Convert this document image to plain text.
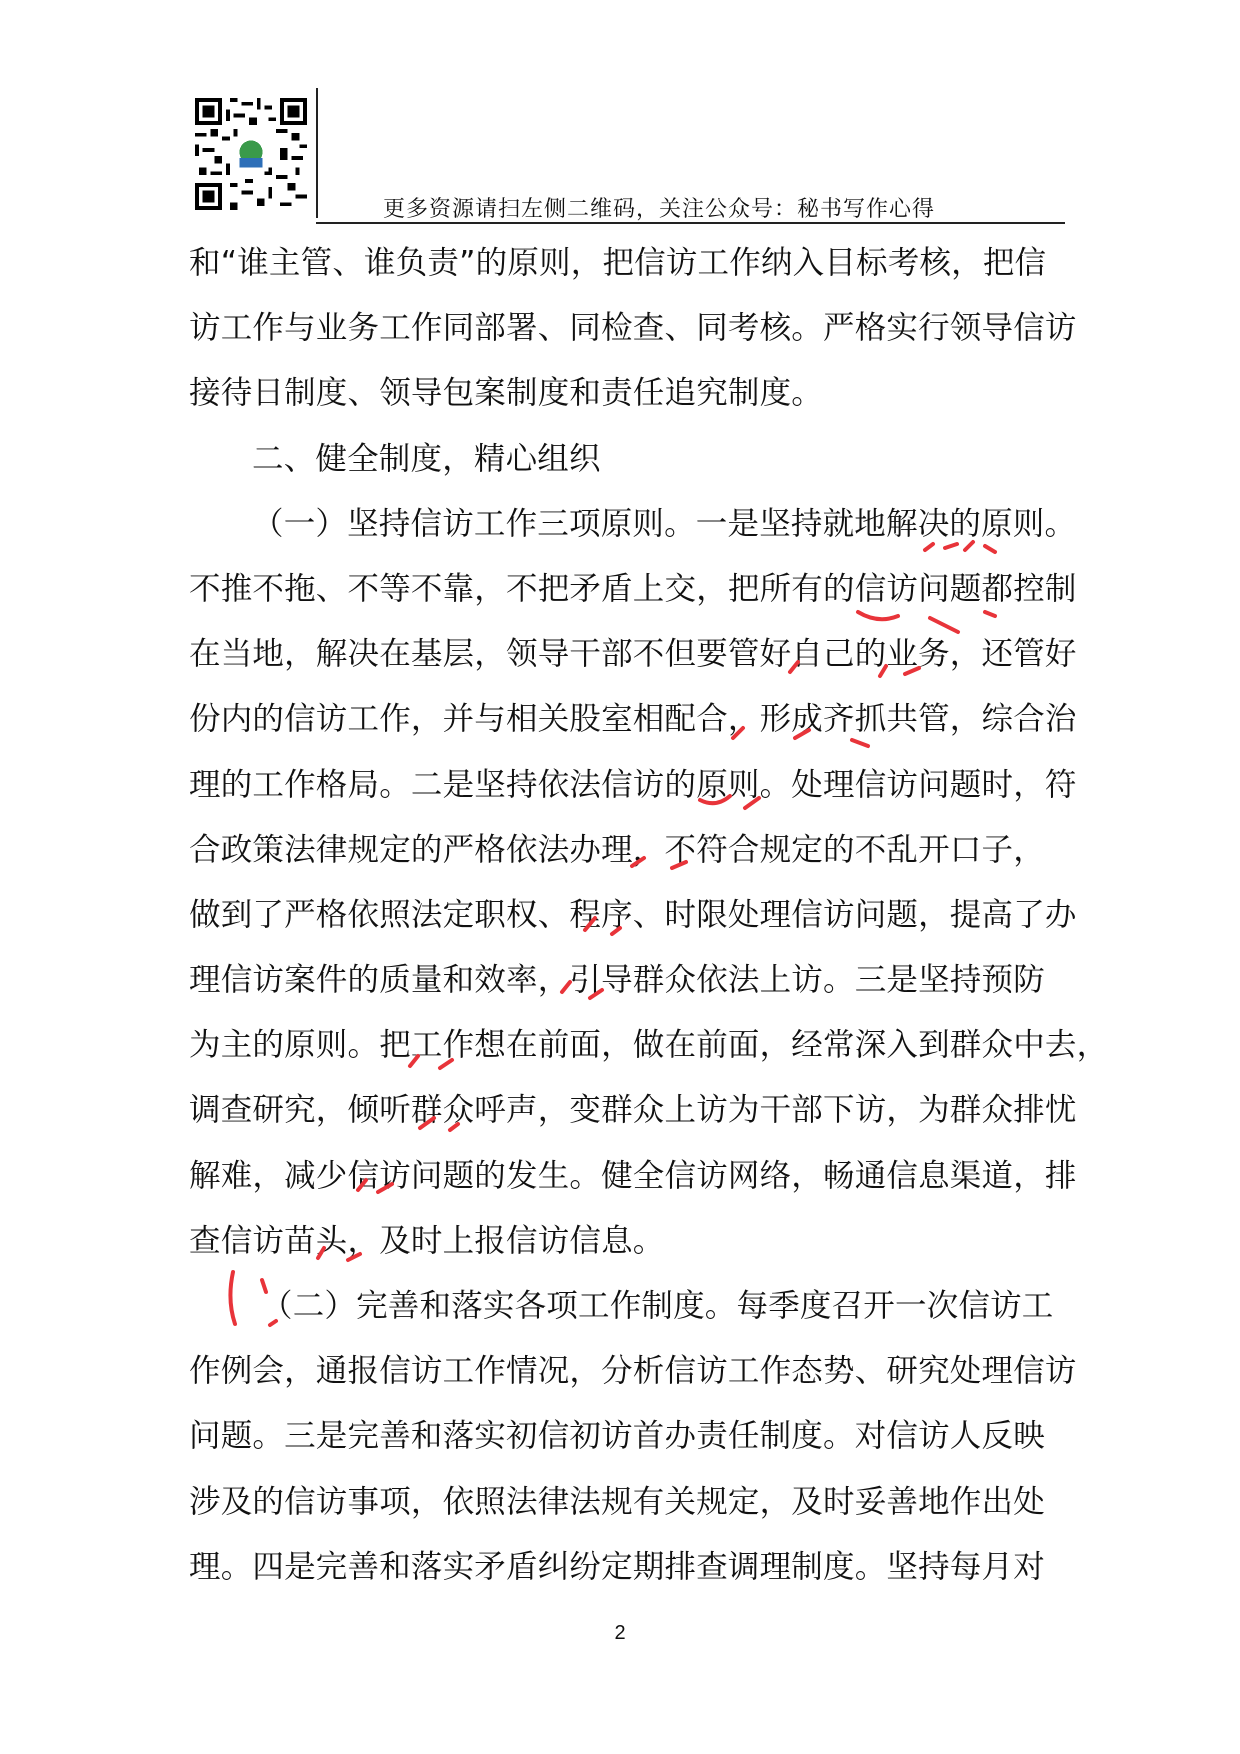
更多资源请扫左侧二维码，关注公众号：秘书写作心得
和“谁主管、谁负责”的原则，把信访工作纳入目标考核，把信
访工作与业务工作同部署、同检查、同考核。严格实行领导信访
接待日制度、领导包案制度和责任追究制度。
二、健全制度，精心组织
（一）坚持信访工作三项原则。一是坚持就地解决的原则。
不推不拖、不等不靠，不把矛盾上交，把所有的信访问题都控制
在当地，解决在基层，领导干部不但要管好自己的业务，还管好
份内的信访工作，并与相关股室相配合，形成齐抓共管，综合治
理的工作格局。二是坚持依法信访的原则。处理信访问题时，符
合政策法律规定的严格依法办理，不符合规定的不乱开口子，
做到了严格依照法定职权、程序、时限处理信访问题，提高了办
理信访案件的质量和效率，引导群众依法上访。三是坚持预防
为主的原则。把工作想在前面，做在前面，经常深入到群众中去，
调查研究，倾听群众呼声，变群众上访为干部下访，为群众排忧
解难，减少信访问题的发生。健全信访网络，畅通信息渠道，排
查信访苗头，及时上报信访信息。
（二）完善和落实各项工作制度。每季度召开一次信访工
作例会，通报信访工作情况，分析信访工作态势、研究处理信访
问题。三是完善和落实初信初访首办责任制度。对信访人反映
涉及的信访事项，依照法律法规有关规定，及时妥善地作出处
理。四是完善和落实矛盾纠纷定期排查调理制度。坚持每月对
2
